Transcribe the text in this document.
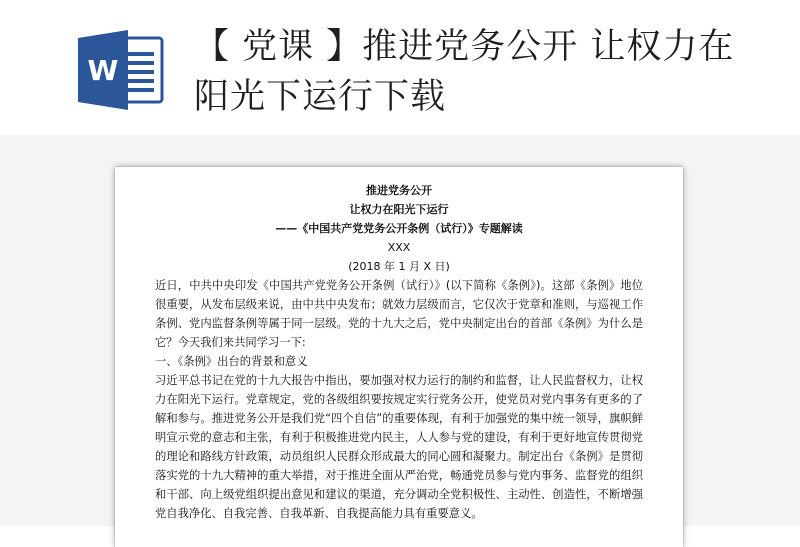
W
【 党课 】推进党务公开 让权力在阳光下运行下载
推进党务公开
让权力在阳光下运行
——《中国共产党党务公开条例（试行）》专题解读
XXX
(2018 年 1 月 X 日)
近日，中共中央印发《中国共产党党务公开条例（试行）》(以下简称《条例》)。这部《条例》地位很重要，从发布层级来说，由中共中央发布；就效力层级而言，它仅次于党章和准则，与巡视工作条例、党内监督条例等属于同一层级。党的十九大之后，党中央制定出台的首部《条例》为什么是它？今天我们来共同学习一下:
一、《条例》出台的背景和意义
习近平总书记在党的十九大报告中指出，要加强对权力运行的制约和监督，让人民监督权力，让权力在阳光下运行。党章规定，党的各级组织要按规定实行党务公开，使党员对党内事务有更多的了解和参与。推进党务公开是我们党“四个自信”的重要体现，有利于加强党的集中统一领导，旗帜鲜明宣示党的意志和主张，有利于积极推进党内民主，人人参与党的建设，有利于更好地宣传贯彻党的理论和路线方针政策，动员组织人民群众形成最大的同心圆和凝聚力。制定出台《条例》是贯彻落实党的十九大精神的重大举措，对于推进全面从严治党，畅通党员参与党内事务、监督党的组织和干部、向上级党组织提出意见和建议的渠道，充分调动全党积极性、主动性、创造性，不断增强党自我净化、自我完善、自我革新、自我提高能力具有重要意义。
